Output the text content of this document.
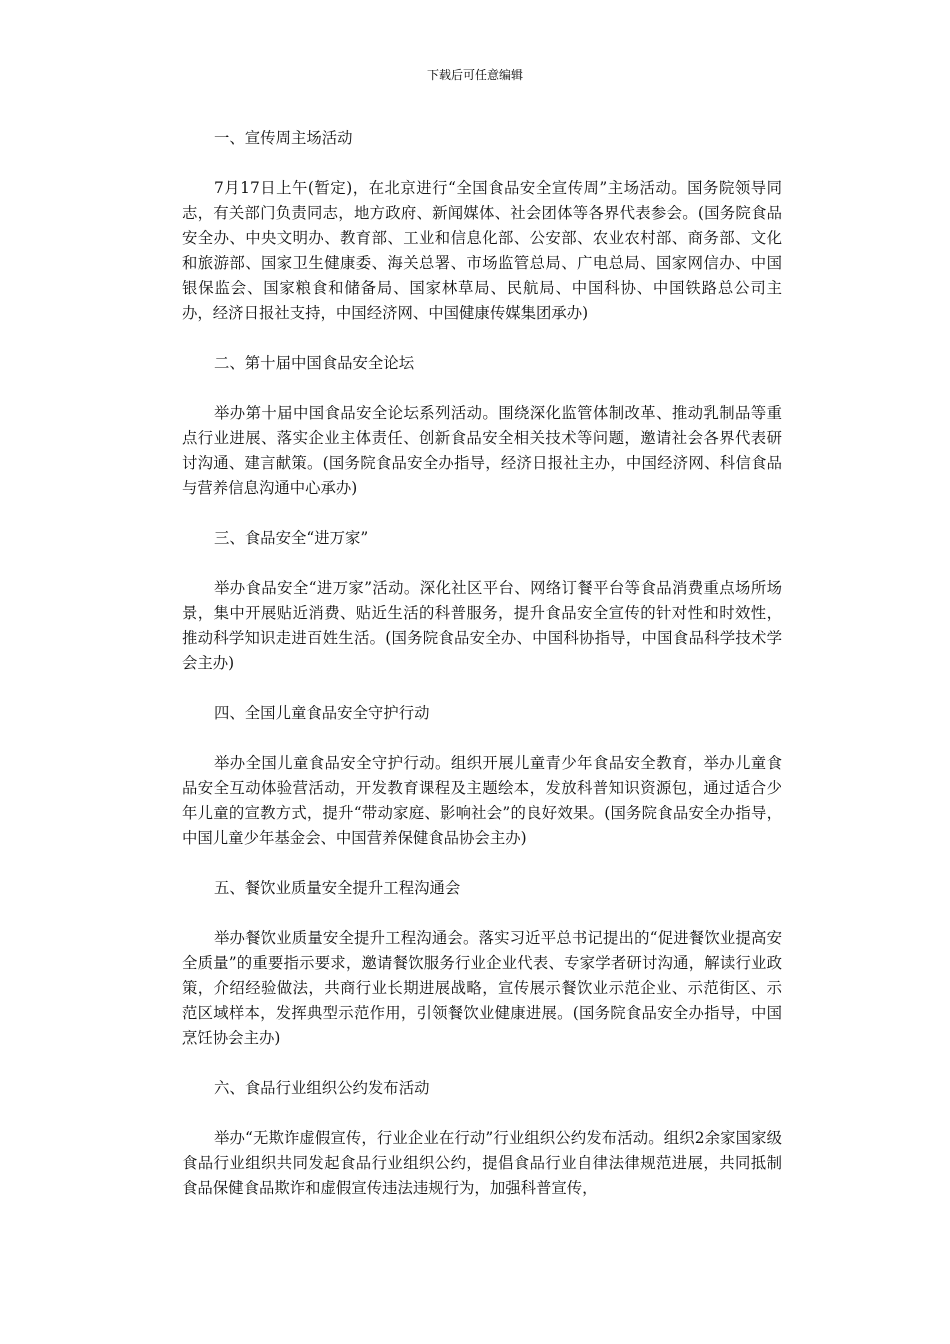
下载后可任意编辑

一、宣传周主场活动

7月17日上午(暂定)，在北京进行“全国食品安全宣传周”主场活动。国务院领导同志，有关部门负责同志，地方政府、新闻媒体、社会团体等各界代表参会。(国务院食品安全办、中央文明办、教育部、工业和信息化部、公安部、农业农村部、商务部、文化和旅游部、国家卫生健康委、海关总署、市场监管总局、广电总局、国家网信办、中国银保监会、国家粮食和储备局、国家林草局、民航局、中国科协、中国铁路总公司主办，经济日报社支持，中国经济网、中国健康传媒集团承办)

二、第十届中国食品安全论坛

举办第十届中国食品安全论坛系列活动。围绕深化监管体制改革、推动乳制品等重点行业进展、落实企业主体责任、创新食品安全相关技术等问题，邀请社会各界代表研讨沟通、建言献策。(国务院食品安全办指导，经济日报社主办，中国经济网、科信食品与营养信息沟通中心承办)

三、食品安全“进万家”

举办食品安全“进万家”活动。深化社区平台、网络订餐平台等食品消费重点场所场景，集中开展贴近消费、贴近生活的科普服务，提升食品安全宣传的针对性和时效性，推动科学知识走进百姓生活。(国务院食品安全办、中国科协指导，中国食品科学技术学会主办)

四、全国儿童食品安全守护行动

举办全国儿童食品安全守护行动。组织开展儿童青少年食品安全教育，举办儿童食品安全互动体验营活动，开发教育课程及主题绘本，发放科普知识资源包，通过适合少年儿童的宣教方式，提升“带动家庭、影响社会”的良好效果。(国务院食品安全办指导，中国儿童少年基金会、中国营养保健食品协会主办)

五、餐饮业质量安全提升工程沟通会

举办餐饮业质量安全提升工程沟通会。落实习近平总书记提出的“促进餐饮业提高安全质量”的重要指示要求，邀请餐饮服务行业企业代表、专家学者研讨沟通，解读行业政策，介绍经验做法，共商行业长期进展战略，宣传展示餐饮业示范企业、示范街区、示范区域样本，发挥典型示范作用，引领餐饮业健康进展。(国务院食品安全办指导，中国烹饪协会主办)

六、食品行业组织公约发布活动

举办“无欺诈虚假宣传，行业企业在行动”行业组织公约发布活动。组织2余家国家级食品行业组织共同发起食品行业组织公约，提倡食品行业自律法律规范进展，共同抵制食品保健食品欺诈和虚假宣传违法违规行为，加强科普宣传，
